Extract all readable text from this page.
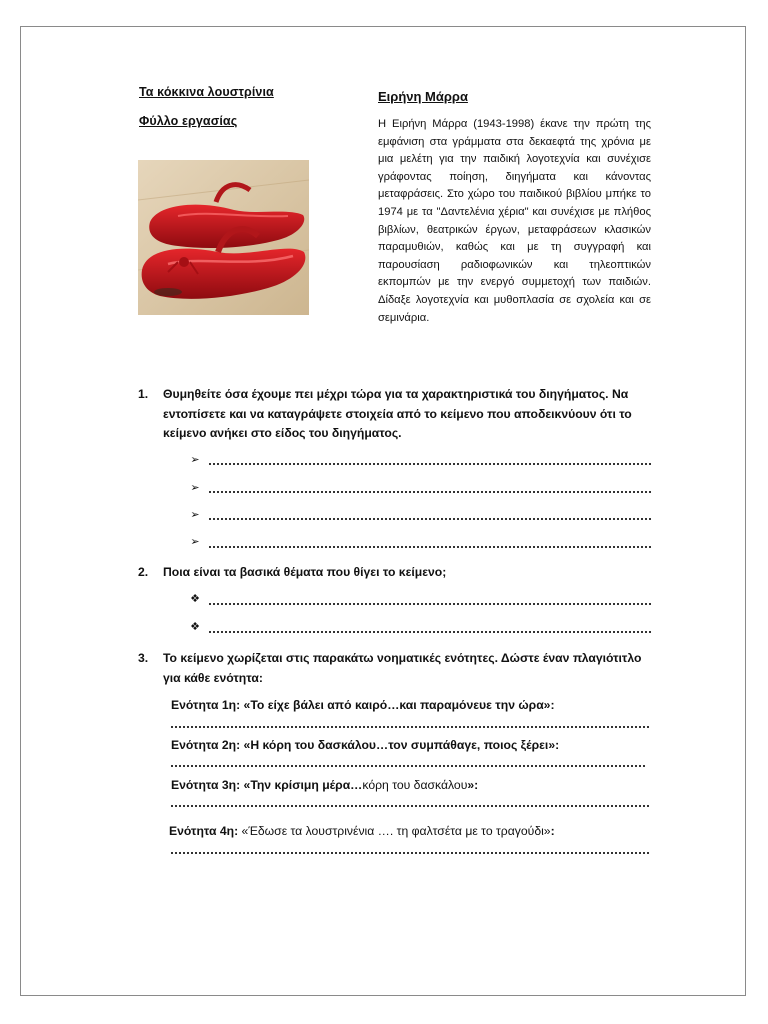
Τα κόκκινα λουστρίνια
Φύλλο εργασίας
Ειρήνη Μάρρα
Η Ειρήνη Μάρρα (1943-1998) έκανε την πρώτη της εμφάνιση στα γράμματα στα δεκαεφτά της χρόνια με μια μελέτη για την παιδική λογοτεχνία και συνέχισε γράφοντας ποίηση, διηγήματα και κάνοντας μεταφράσεις. Στο χώρο του παιδικού βιβλίου μπήκε το 1974 με τα "Δαντελένια χέρια" και συνέχισε με πλήθος βιβλίων, θεατρικών έργων, μεταφράσεων κλασικών παραμυθιών, καθώς και με τη συγγραφή και παρουσίαση ραδιοφωνικών και τηλεοπτικών εκπομπών με την ενεργό συμμετοχή των παιδιών. Δίδαξε λογοτεχνία και μυθοπλασία σε σχολεία και σε σεμινάρια.
1. Θυμηθείτε όσα έχουμε πει μέχρι τώρα για τα χαρακτηριστικά του διηγήματος. Να εντοπίσετε και να καταγράψετε στοιχεία από το κείμενο που αποδεικνύουν ότι το κείμενο ανήκει στο είδος του διηγήματος.
➢
➢
➢
➢
2. Ποια είναι τα βασικά θέματα που θίγει το κείμενο;
❖
❖
3. Το κείμενο χωρίζεται στις παρακάτω νοηματικές ενότητες. Δώστε έναν πλαγιότιτλο για κάθε ενότητα:
Ενότητα 1η: «Το είχε βάλει από καιρό…και παραμόνευε την ώρα»:
Ενότητα 2η: «Η κόρη του δασκάλου…τον συμπάθαγε, ποιος ξέρει»:
Ενότητα 3η: «Την κρίσιμη μέρα…κόρη του δασκάλου»:
Ενότητα 4η: «Έδωσε τα λουστρινένια …. τη φαλτσέτα με το τραγούδι»:
